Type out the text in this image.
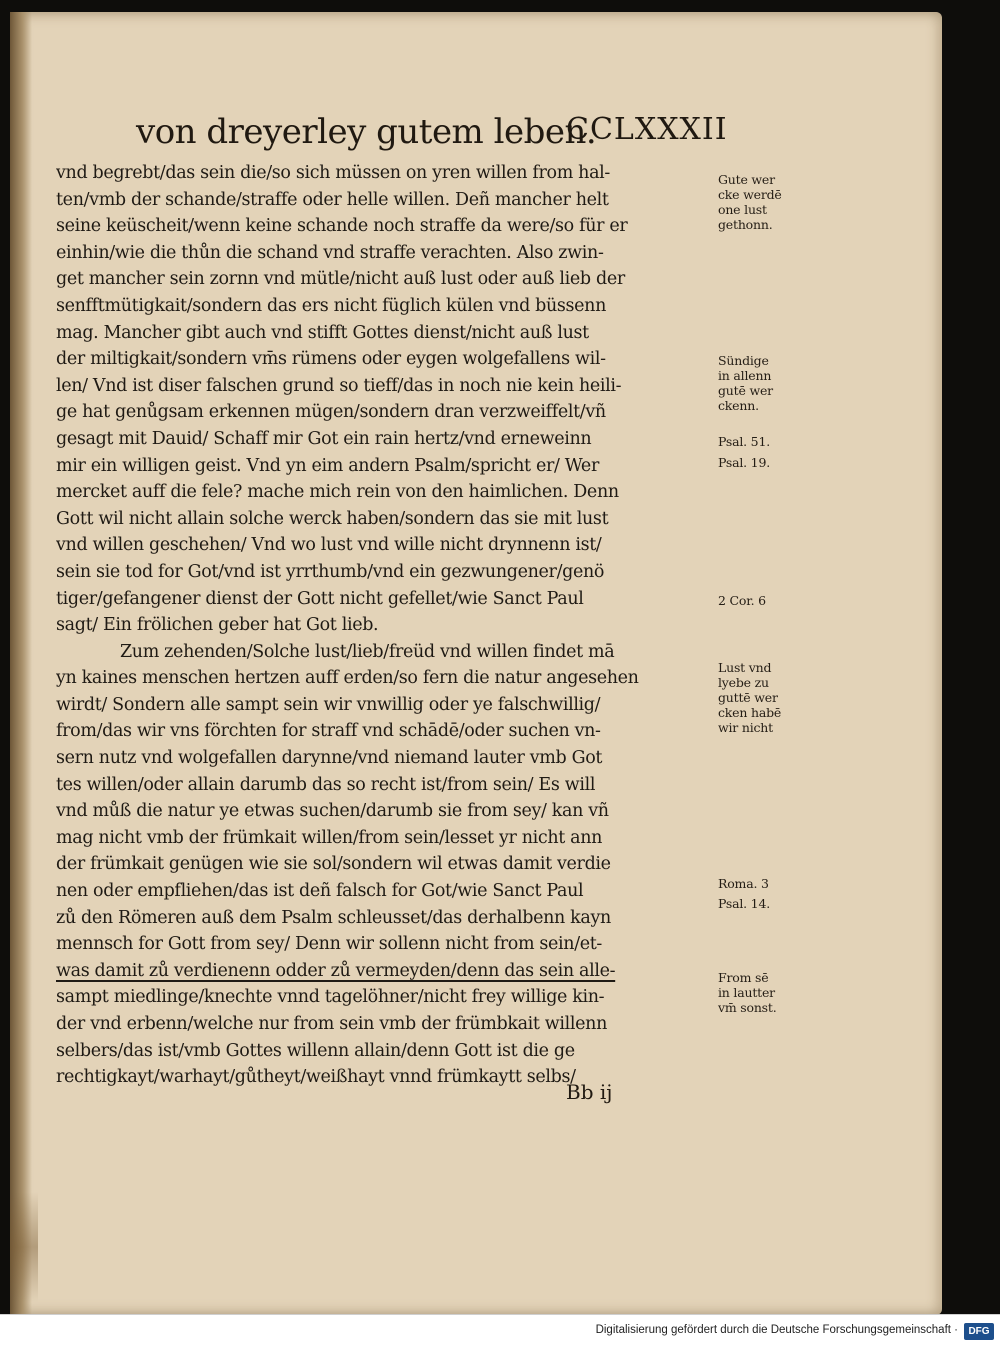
von dreyerley gutem leben.
CCLXXXII
vnd begrebt/das sein die/so sich müssen on yren willen from hal-
ten/vmb der schande/straffe oder helle willen. Deñ mancher helt
seine keüscheit/wenn keine schande noch straffe da were/so für er
einhin/wie die thůn die schand vnd straffe verachten. Also zwin-
get mancher sein zornn vnd mütle/nicht auß lust oder auß lieb der
senfftmütigkait/sondern das ers nicht füglich külen vnd büssenn
mag. Mancher gibt auch vnd stifft Gottes dienst/nicht auß lust
der miltigkait/sondern vm̄s rümens oder eygen wolgefallens wil-
len/ Vnd ist diser falschen grund so tieff/das in noch nie kein heili-
ge hat genůgsam erkennen mügen/sondern dran verzweiffelt/vñ
gesagt mit Dauid/ Schaff mir Got ein rain hertz/vnd erneweinn
mir ein willigen geist. Vnd yn eim andern Psalm/spricht er/ Wer
mercket auff die fele? mache mich rein von den haimlichen. Denn
Gott wil nicht allain solche werck haben/sondern das sie mit lust
vnd willen geschehen/ Vnd wo lust vnd wille nicht drynnenn ist/
sein sie tod for Got/vnd ist yrrthumb/vnd ein gezwungener/genö
tiger/gefangener dienst der Gott nicht gefellet/wie Sanct Paul
sagt/ Ein frölichen geber hat Got lieb.
Zum zehenden/Solche lust/lieb/freüd vnd willen findet mā
yn kaines menschen hertzen auff erden/so fern die natur angesehen
wirdt/ Sondern alle sampt sein wir vnwillig oder ye falschwillig/
from/das wir vns förchten for straff vnd schādē/oder suchen vn-
sern nutz vnd wolgefallen darynne/vnd niemand lauter vmb Got
tes willen/oder allain darumb das so recht ist/from sein/ Es will
vnd můß die natur ye etwas suchen/darumb sie from sey/ kan vñ
mag nicht vmb der frümkait willen/from sein/lesset yr nicht ann
der frümkait genügen wie sie sol/sondern wil etwas damit verdie
nen oder empfliehen/das ist deñ falsch for Got/wie Sanct Paul
zů den Römeren auß dem Psalm schleusset/das derhalbenn kayn
mennsch for Gott from sey/ Denn wir sollenn nicht from sein/et-
was damit zů verdienenn odder zů vermeyden/denn das sein alle-
sampt miedlinge/knechte vnnd tagelöhner/nicht frey willige kin-
der vnd erbenn/welche nur from sein vmb der frümbkait willenn
selbers/das ist/vmb Gottes willenn allain/denn Gott ist die ge
rechtigkayt/warhayt/gůtheyt/weißhayt vnnd frümkaytt selbs/
Gute wer
cke werdē
one lust
gethonn.
Sündige
in allenn
gutē wer
ckenn.
Psal. 51.
Psal. 19.
2 Cor. 6
Lust vnd
lyebe zu
guttē wer
cken habē
wir nicht
Roma. 3
Psal. 14.
From sē
in lautter
vm̄ sonst.
Bb ij
Digitalisierung gefördert durch die Deutsche Forschungsgemeinschaft ·	DFG
